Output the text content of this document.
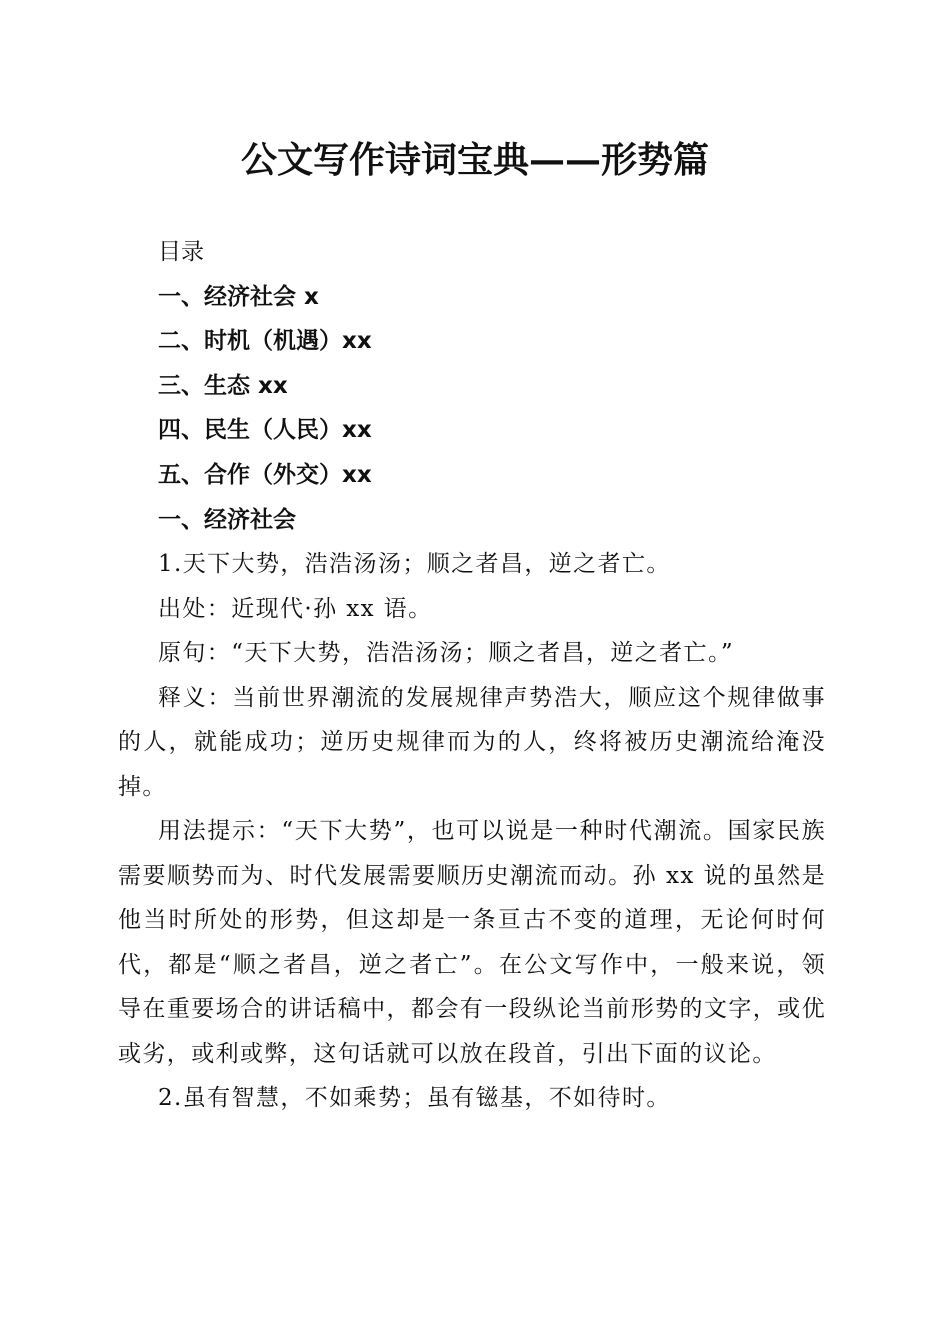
公文写作诗词宝典——形势篇
目录
一、经济社会 x
二、时机（机遇）xx
三、生态 xx
四、民生（人民）xx
五、合作（外交）xx
一、经济社会

1.天下大势，浩浩汤汤；顺之者昌，逆之者亡。

出处：近现代·孙 xx 语。

原句：“天下大势，浩浩汤汤；顺之者昌，逆之者亡。”

释义：当前世界潮流的发展规律声势浩大，顺应这个规律做事的人，就能成功；逆历史规律而为的人，终将被历史潮流给淹没掉。

用法提示：“天下大势”，也可以说是一种时代潮流。国家民族需要顺势而为、时代发展需要顺历史潮流而动。孙 xx 说的虽然是他当时所处的形势，但这却是一条亘古不变的道理，无论何时何代，都是“顺之者昌，逆之者亡”。在公文写作中，一般来说，领导在重要场合的讲话稿中，都会有一段纵论当前形势的文字，或优或劣，或利或弊，这句话就可以放在段首，引出下面的议论。

2.虽有智慧，不如乘势；虽有镃基，不如待时。
